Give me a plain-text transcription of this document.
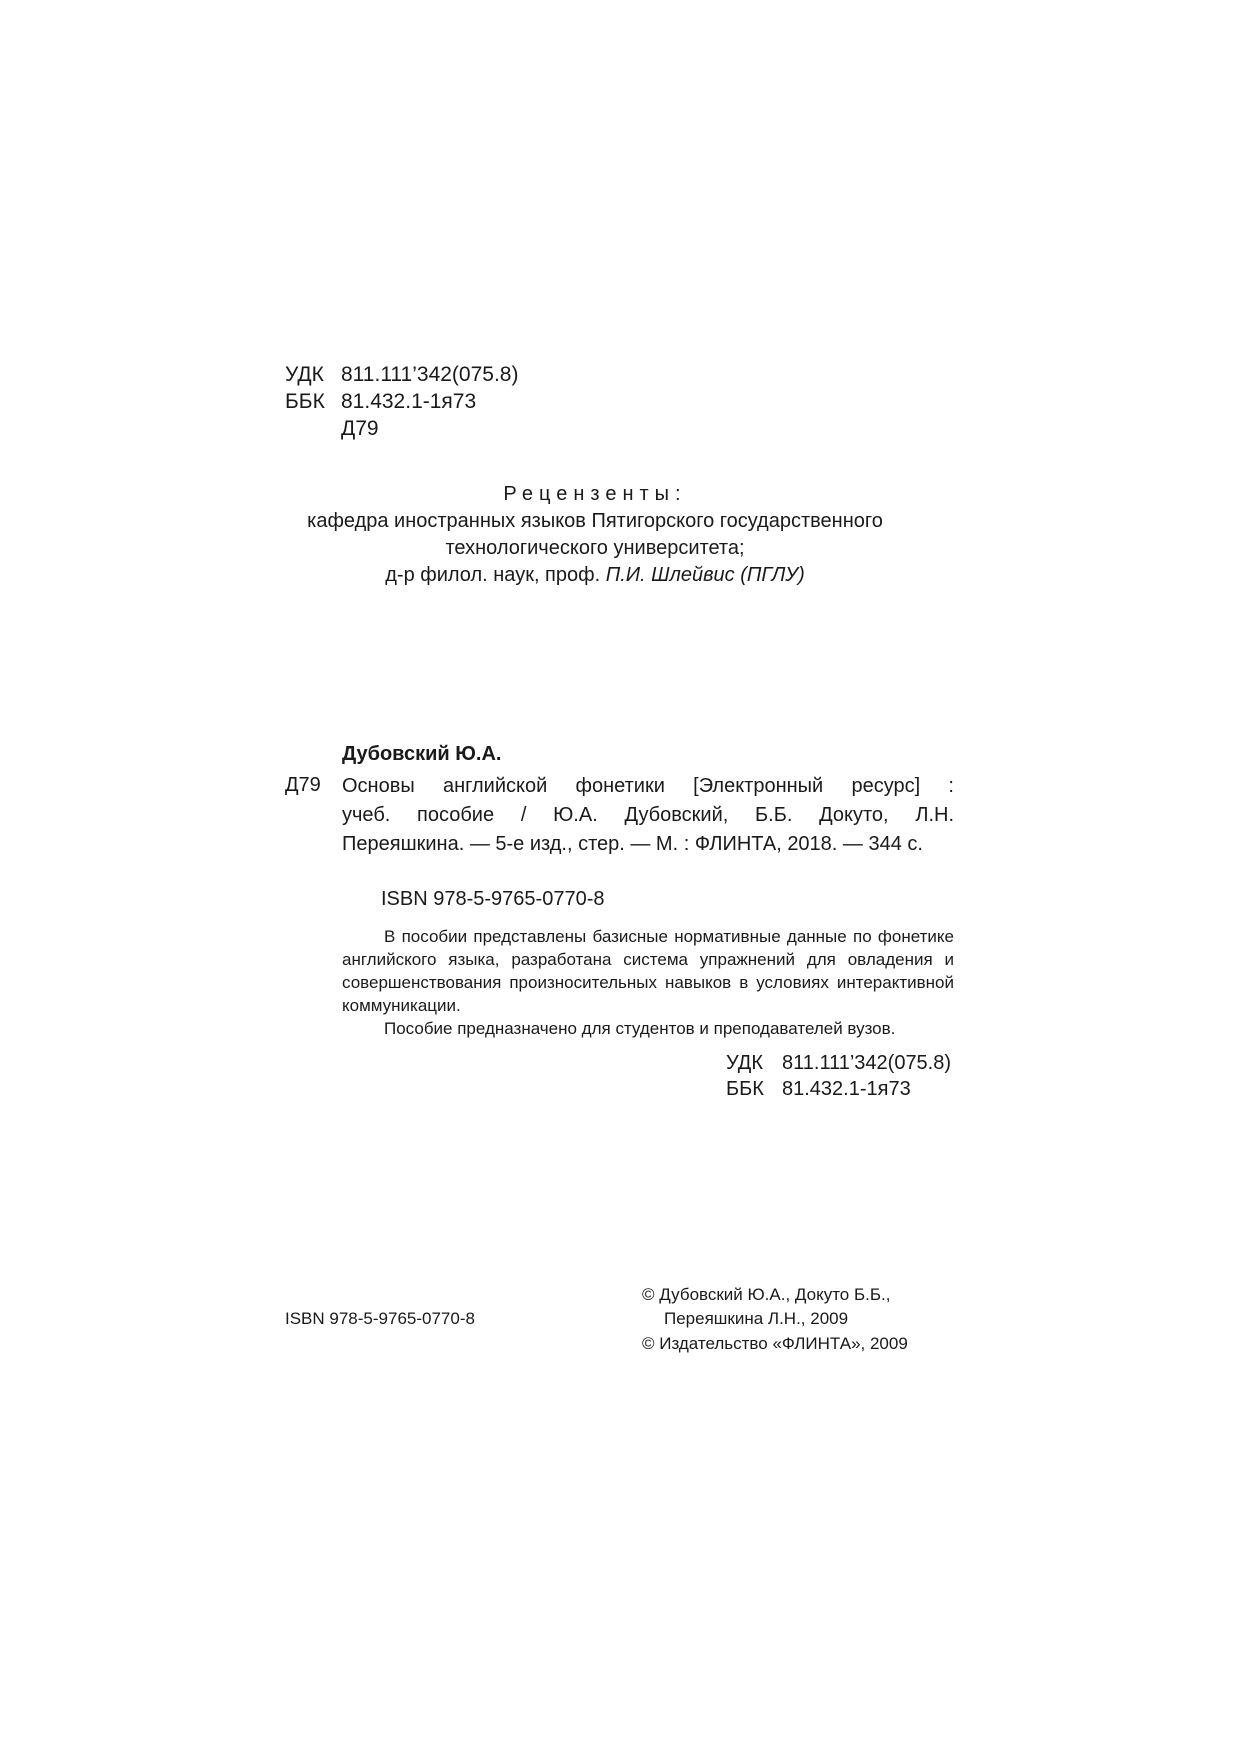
УДК 811.111’342(075.8)
ББК 81.432.1-1я73
Д79
Рецензенты:
кафедра иностранных языков Пятигорского государственного
технологического университета;
д-р филол. наук, проф. П.И. Шлейвис (ПГЛУ)
Дубовский Ю.А.
Д79 Основы английской фонетики [Электронный ресурс] :
учеб. пособие / Ю.А. Дубовский, Б.Б. Докуто, Л.Н.
Переяшкина. — 5-е изд., стер. — М. : ФЛИНТА, 2018. — 344 с.
ISBN 978-5-9765-0770-8
В пособии представлены базисные нормативные данные по фонетике английского языка, разработана система упражнений для овладения и совершенствования произносительных навыков в условиях интерактивной коммуникации.
Пособие предназначено для студентов и преподавателей вузов.
УДК 811.111’342(075.8)
ББК 81.432.1-1я73
ISBN 978-5-9765-0770-8
© Дубовский Ю.А., Докуто Б.Б.,
Переяшкина Л.Н., 2009
© Издательство «ФЛИНТА», 2009
